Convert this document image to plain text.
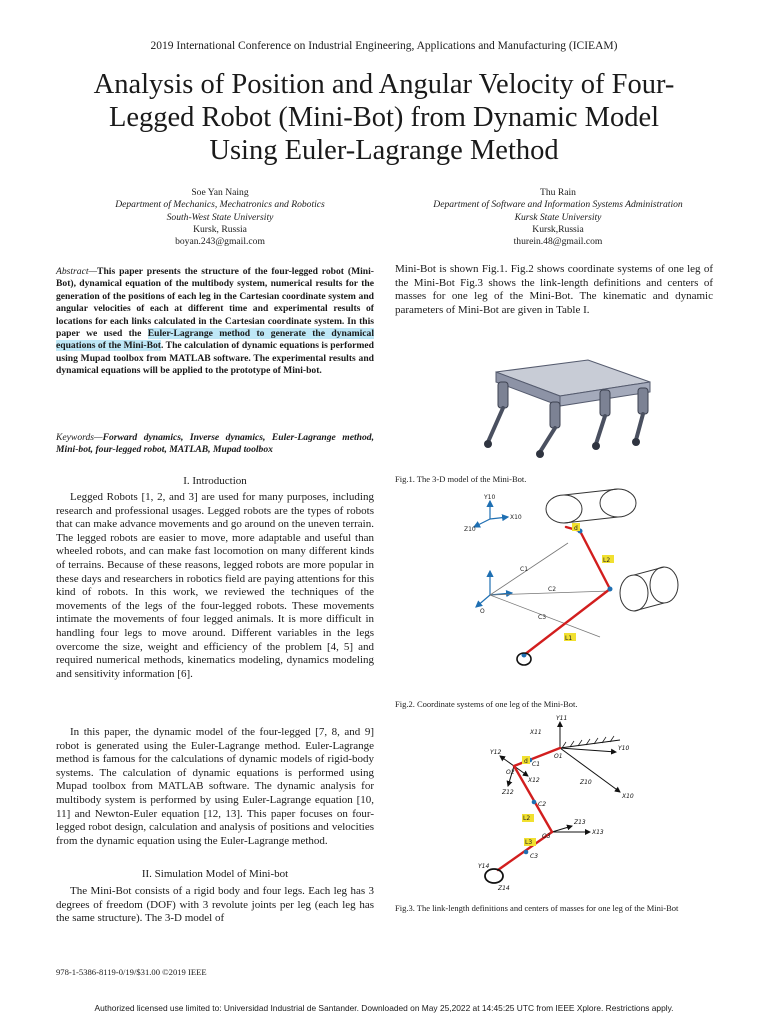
2019 International Conference on Industrial Engineering, Applications and Manufacturing (ICIEAM)
Analysis of Position and Angular Velocity of Four-
Legged Robot (Mini-Bot) from Dynamic Model
Using Euler-Lagrange Method
Soe Yan Naing
Department of Mechanics, Mechatronics and Robotics
South-West State University
Kursk, Russia
boyan.243@gmail.com
Thu Rain
Department of Software and Information Systems Administration
Kursk State University
Kursk,Russia
thurein.48@gmail.com
Abstract—This paper presents the structure of the four-legged robot (Mini-Bot), dynamical equation of the multibody system, numerical results for the generation of the positions of each leg in the Cartesian coordinate system and angular velocities of each at different time and experimental results of locations for each links calculated in the Cartesian coordinate system. In this paper we used the Euler-Lagrange method to generate the dynamical equations of the Mini-Bot. The calculation of dynamic equations is performed using Mupad toolbox from MATLAB software. The experimental results and dynamical equations will be applied to the prototype of Mini-bot.
Keywords—Forward dynamics, Inverse dynamics, Euler-Lagrange method, Mini-bot, four-legged robot, MATLAB, Mupad toolbox
I. Introduction
Legged Robots [1, 2, and 3] are used for many purposes, including research and professional usages. Legged robots are the types of robots that can make advance movements and go around on the uneven terrain. The legged robots are easier to move, more adaptable and useful than wheeled robots, and can make fast locomotion on many different kinds of terrains. Because of these reasons, legged robots are more popular in these days and researchers in robotics field are paying attentions for this kind of robots. In this work, we reviewed the techniques of the movements of the legs of the four-legged robots. These movements intimate the movements of four legged animals. It is more difficult in handling four legs to move around. Different variables in the legs overcome the size, weight and efficiency of the problem [4, 5] and required numerical methods, kinematics modeling, dynamics modeling and sensitivity information [6].
In this paper, the dynamic model of the four-legged [7, 8, and 9] robot is generated using the Euler-Lagrange method. Euler-Lagrange method is famous for the calculations of dynamic models of rigid-body systems. The calculation of dynamic equations is performed using Mupad toolbox from MATLAB software. The dynamic analysis for multibody system is performed by using Euler-Lagrange equation [10, 11] and Newton-Euler equation [12, 13]. This paper focuses on four-legged robot design, calculation and analysis of positions and velocities from the dynamic equation using the Euler-Lagrange method.
II. Simulation Model of Mini-bot
The Mini-Bot consists of a rigid body and four legs. Each leg has 3 degrees of freedom (DOF) with 3 revolute joints per leg (each leg has the same structure). The 3-D model of
Mini-Bot is shown Fig.1. Fig.2 shows coordinate systems of one leg of the Mini-Bot Fig.3 shows the link-length definitions and centers of masses for one leg of the Mini-Bot. The kinematic and dynamic parameters of Mini-Bot are given in Table I.
Fig.1. The 3-D model of the Mini-Bot.
L2
L1
d
Y10
Z10
X10
C1
C2
C3
O
Fig.2. Coordinate systems of one leg of the Mini-Bot.
Y11
X11
Y12
X12
Z12
Y10
Z10
X10
Z13
X13
O1
O2
O3
C1
C2
C3
Y14
Z14
L2
L3
d
Fig.3. The link-length definitions and centers of masses for one leg of the Mini-Bot
978-1-5386-8119-0/19/$31.00 ©2019 IEEE
Authorized licensed use limited to: Universidad Industrial de Santander. Downloaded on May 25,2022 at 14:45:25 UTC from IEEE Xplore. Restrictions apply.
